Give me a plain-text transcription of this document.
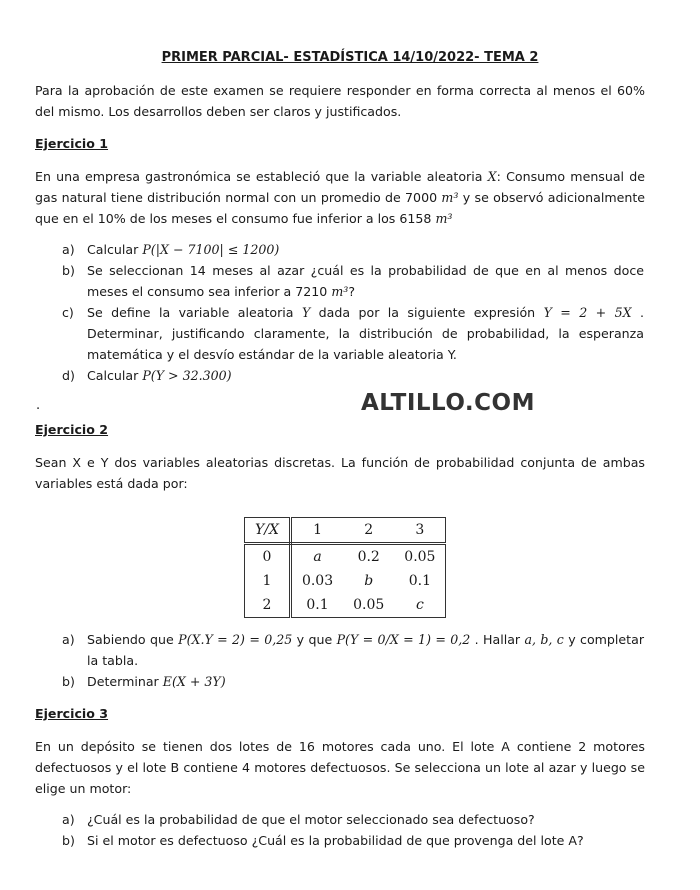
PRIMER PARCIAL- ESTADÍSTICA 14/10/2022- TEMA 2
Para la aprobación de este examen se requiere responder en forma correcta al menos el 60% del mismo. Los desarrollos deben ser claros y justificados.
Ejercicio 1
En una empresa gastronómica se estableció que la variable aleatoria X: Consumo mensual de gas natural tiene distribución normal con un promedio de 7000 m³ y se observó adicionalmente que en el 10% de los meses el consumo fue inferior a los 6158 m³
a) Calcular P(|X − 7100| ≤ 1200)
b) Se seleccionan 14 meses al azar ¿cuál es la probabilidad de que en al menos doce meses el consumo sea inferior a 7210 m³?
c) Se define la variable aleatoria Y dada por la siguiente expresión Y = 2 + 5X . Determinar, justificando claramente, la distribución de probabilidad, la esperanza matemática y el desvío estándar de la variable aleatoria Y.
d) Calcular P(Y > 32.300)
.	ALTILLO.COM
Ejercicio 2
Sean X e Y dos variables aleatorias discretas. La función de probabilidad conjunta de ambas variables está dada por:
Y/X	1	2	3
0	a	0.2	0.05
1	0.03	b	0.1
2	0.1	0.05	c
a) Sabiendo que P(X.Y = 2) = 0,25 y que P(Y = 0/X = 1) = 0,2 . Hallar a, b, c y completar la tabla.
b) Determinar E(X + 3Y)
Ejercicio 3
En un depósito se tienen dos lotes de 16 motores cada uno. El lote A contiene 2 motores defectuosos y el lote B contiene 4 motores defectuosos. Se selecciona un lote al azar y luego se elige un motor:
a) ¿Cuál es la probabilidad de que el motor seleccionado sea defectuoso?
b) Si el motor es defectuoso ¿Cuál es la probabilidad de que provenga del lote A?
